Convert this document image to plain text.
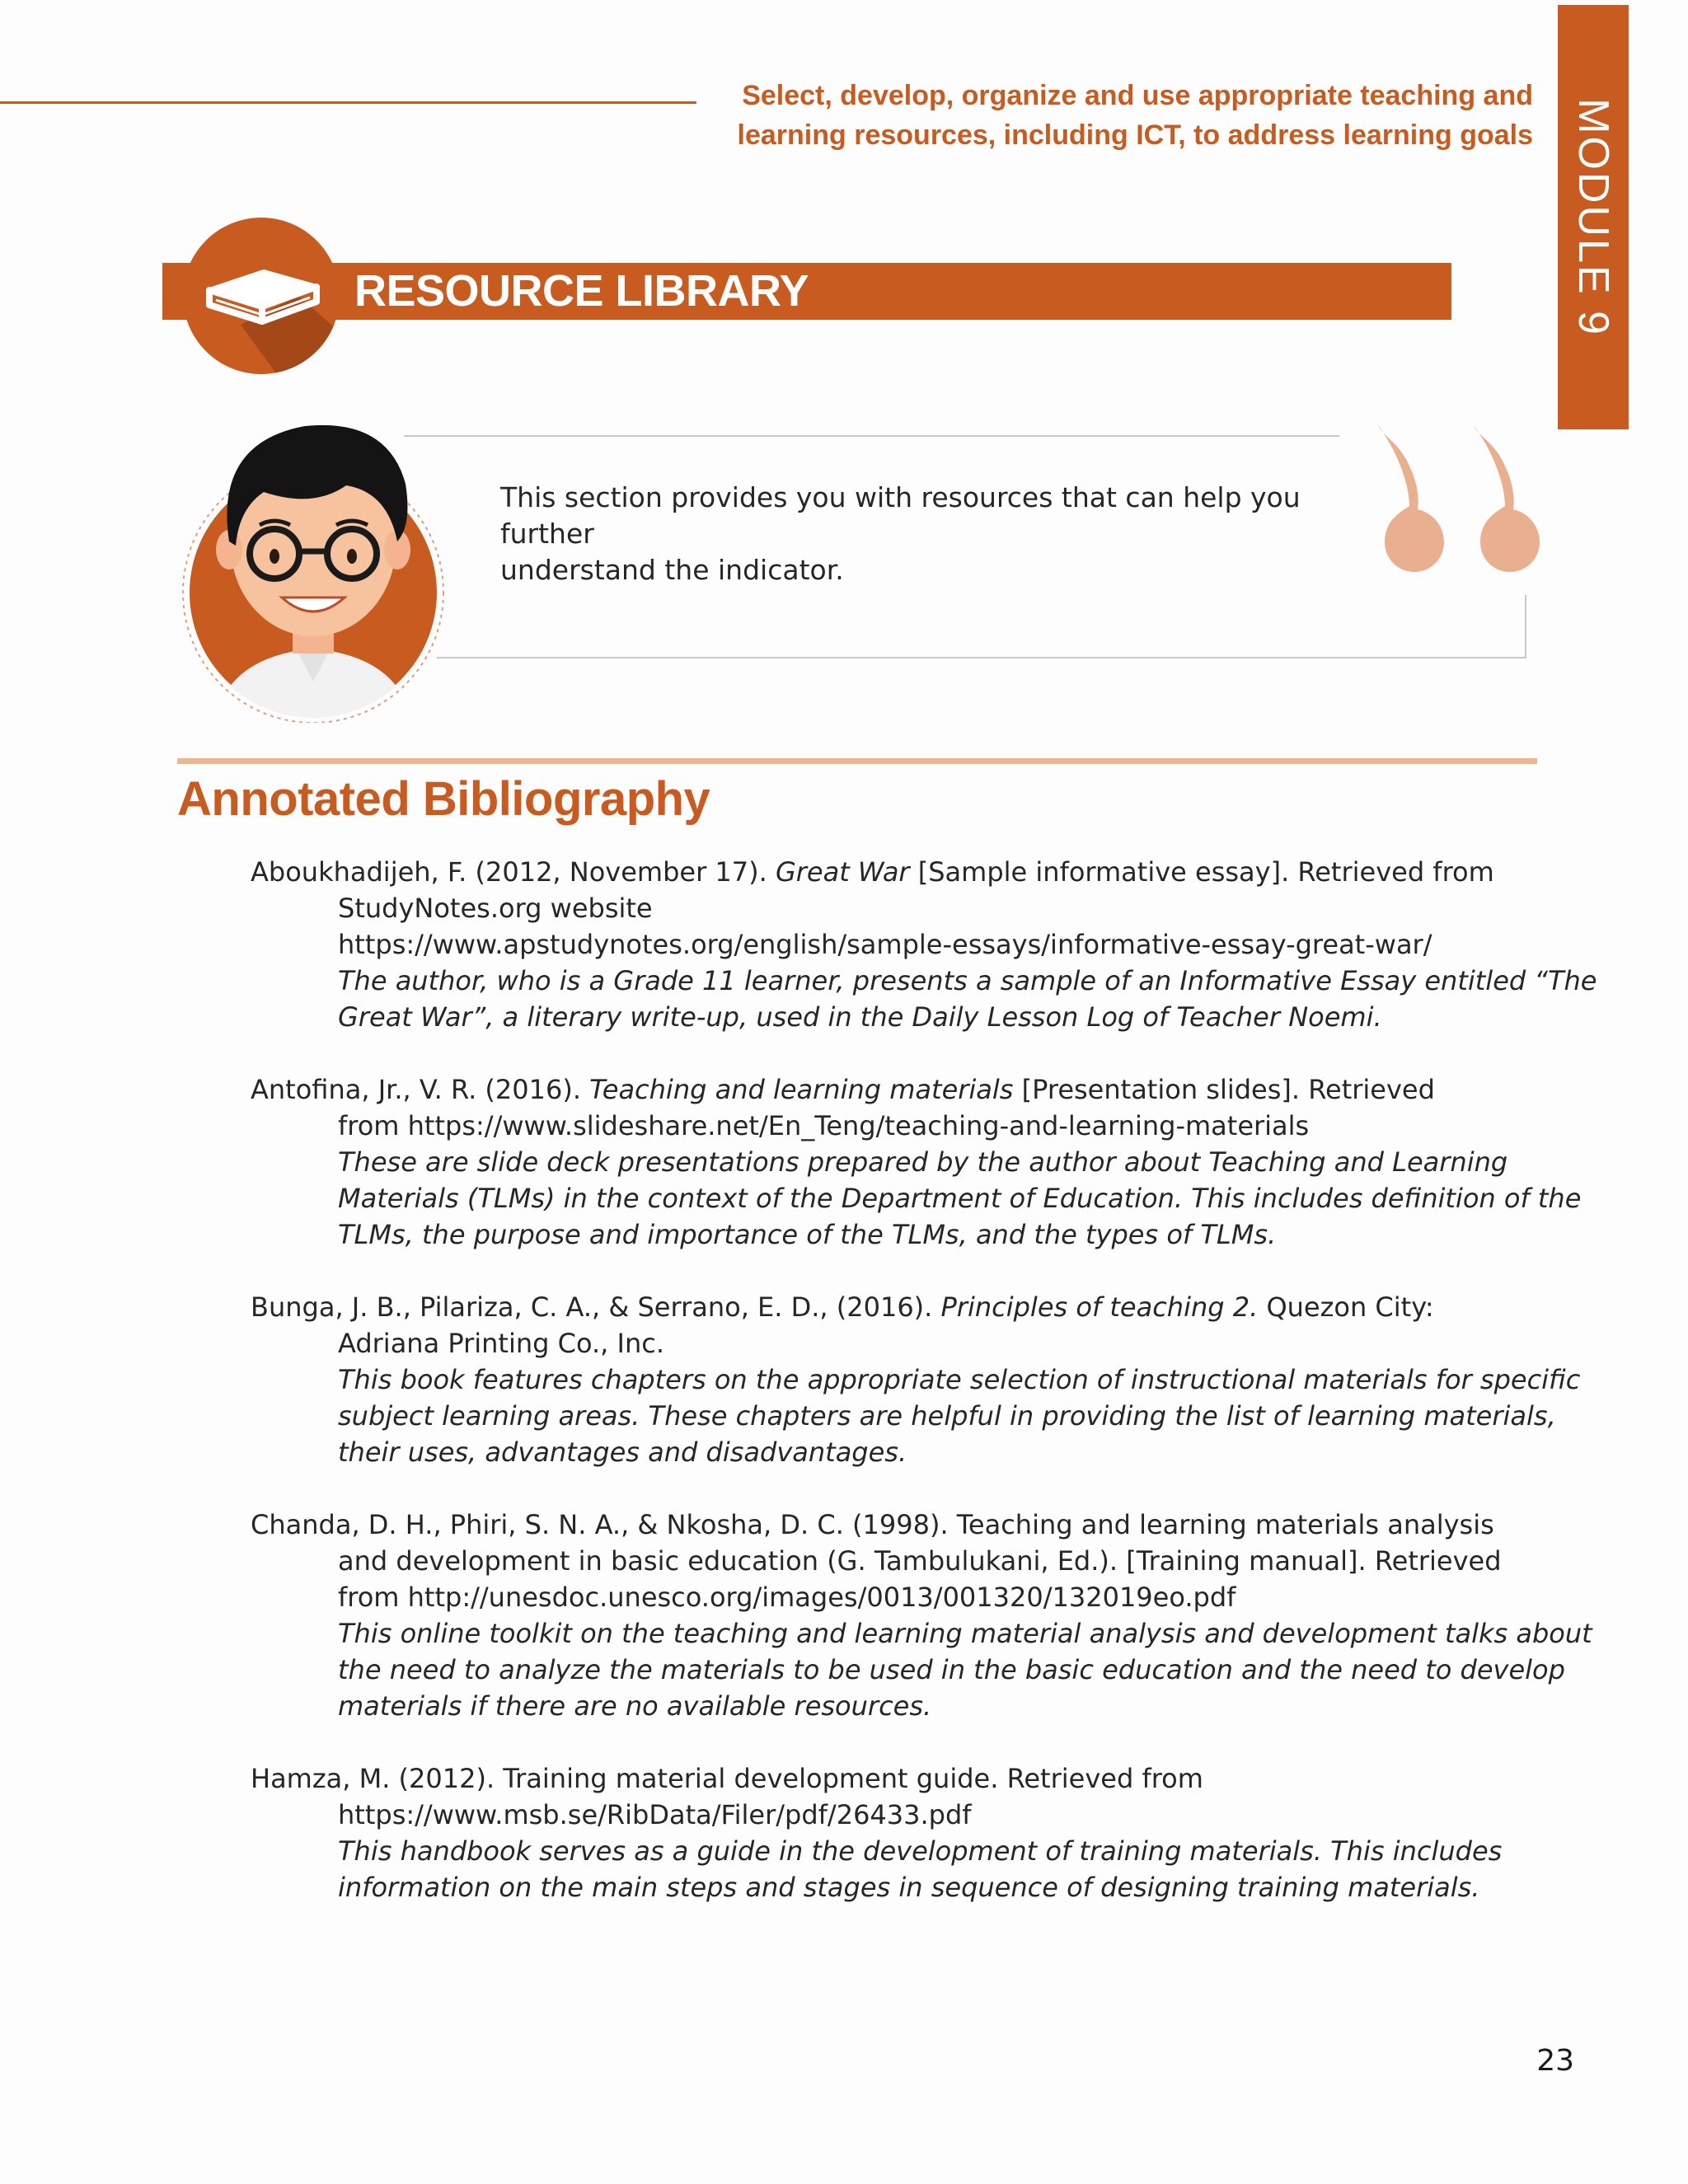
Select, develop, organize and use appropriate teaching and
learning resources, including ICT, to address learning goals MODULE 9
RESOURCE LIBRARY
This section provides you with resources that can help you further
understand the indicator.
Annotated Bibliography
Aboukhadijeh, F. (2012, November 17). Great War [Sample informative essay]. Retrieved from
StudyNotes.org website
https://www.apstudynotes.org/english/sample-essays/informative-essay-great-war/
The author, who is a Grade 11 learner, presents a sample of an Informative Essay entitled “The
Great War”, a literary write-up, used in the Daily Lesson Log of Teacher Noemi.
Antofina, Jr., V. R. (2016). Teaching and learning materials [Presentation slides]. Retrieved
from https://www.slideshare.net/En_Teng/teaching-and-learning-materials
These are slide deck presentations prepared by the author about Teaching and Learning
Materials (TLMs) in the context of the Department of Education. This includes definition of the
TLMs, the purpose and importance of the TLMs, and the types of TLMs.
Bunga, J. B., Pilariza, C. A., & Serrano, E. D., (2016). Principles of teaching 2. Quezon City:
Adriana Printing Co., Inc.
This book features chapters on the appropriate selection of instructional materials for specific
subject learning areas. These chapters are helpful in providing the list of learning materials,
their uses, advantages and disadvantages.
Chanda, D. H., Phiri, S. N. A., & Nkosha, D. C. (1998). Teaching and learning materials analysis
and development in basic education (G. Tambulukani, Ed.). [Training manual]. Retrieved
from http://unesdoc.unesco.org/images/0013/001320/132019eo.pdf
This online toolkit on the teaching and learning material analysis and development talks about
the need to analyze the materials to be used in the basic education and the need to develop
materials if there are no available resources.
Hamza, M. (2012). Training material development guide. Retrieved from
https://www.msb.se/RibData/Filer/pdf/26433.pdf
This handbook serves as a guide in the development of training materials. This includes
information on the main steps and stages in sequence of designing training materials.
23
